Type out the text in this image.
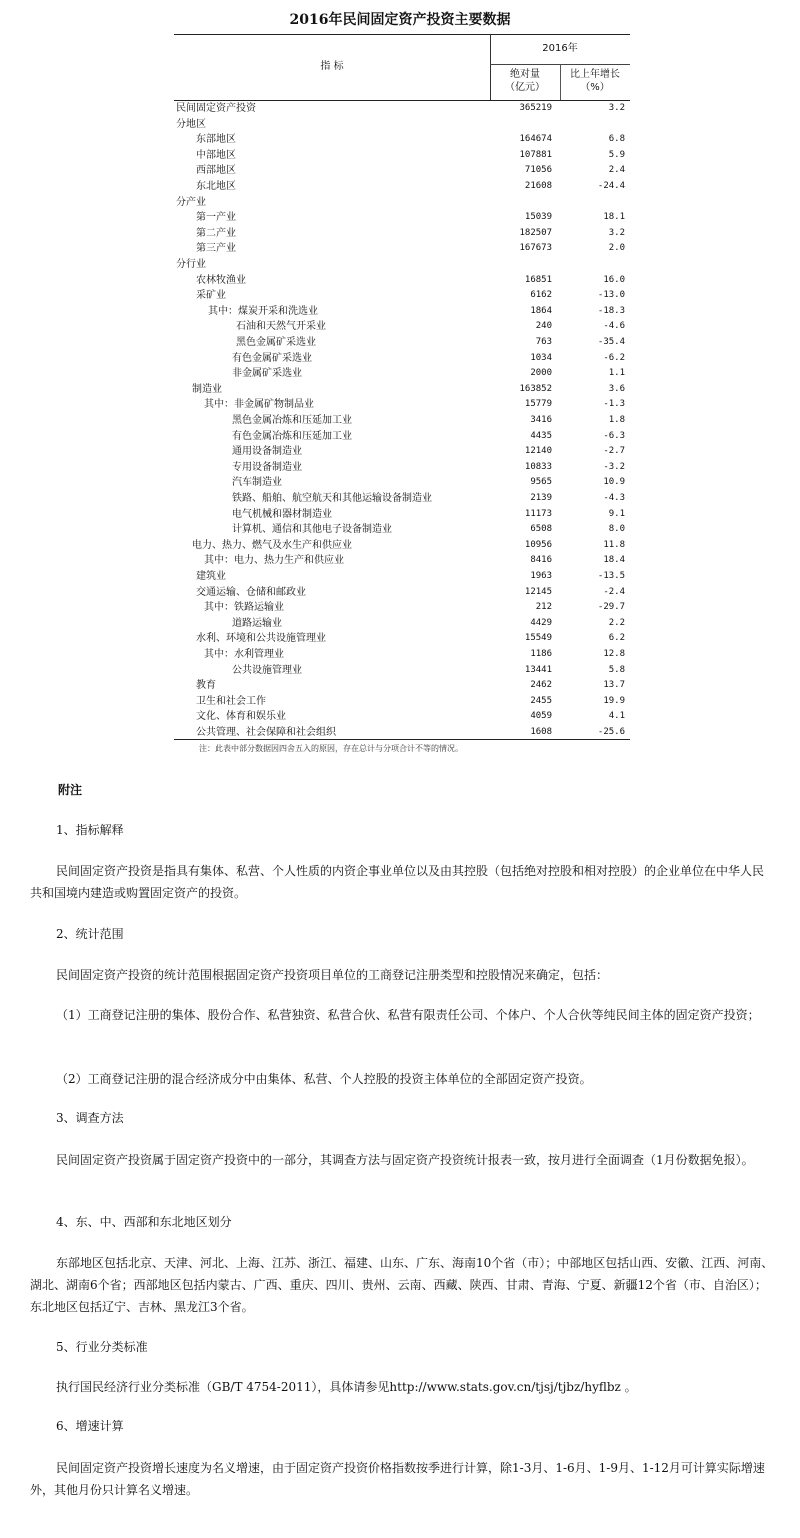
2016年民间固定资产投资主要数据
指 标
2016年
绝对量
（亿元）
比上年增长
（%）
民间固定资产投资	365219	3.2
分地区
东部地区	164674	6.8
中部地区	107881	5.9
西部地区	71056	2.4
东北地区	21608	-24.4
分产业
第一产业	15039	18.1
第二产业	182507	3.2
第三产业	167673	2.0
分行业
农林牧渔业	16851	16.0
采矿业	6162	-13.0
其中：煤炭开采和洗选业	1864	-18.3
石油和天然气开采业	240	-4.6
黑色金属矿采选业	763	-35.4
有色金属矿采选业	1034	-6.2
非金属矿采选业	2000	1.1
制造业	163852	3.6
其中：非金属矿物制品业	15779	-1.3
黑色金属冶炼和压延加工业	3416	1.8
有色金属冶炼和压延加工业	4435	-6.3
通用设备制造业	12140	-2.7
专用设备制造业	10833	-3.2
汽车制造业	9565	10.9
铁路、船舶、航空航天和其他运输设备制造业	2139	-4.3
电气机械和器材制造业	11173	9.1
计算机、通信和其他电子设备制造业	6508	8.0
电力、热力、燃气及水生产和供应业	10956	11.8
其中：电力、热力生产和供应业	8416	18.4
建筑业	1963	-13.5
交通运输、仓储和邮政业	12145	-2.4
其中：铁路运输业	212	-29.7
道路运输业	4429	2.2
水利、环境和公共设施管理业	15549	6.2
其中：水利管理业	1186	12.8
公共设施管理业	13441	5.8
教育	2462	13.7
卫生和社会工作	2455	19.9
文化、体育和娱乐业	4059	4.1
公共管理、社会保障和社会组织	1608	-25.6
注：此表中部分数据因四舍五入的原因，存在总计与分项合计不等的情况。
附注
1、指标解释
民间固定资产投资是指具有集体、私营、个人性质的内资企事业单位以及由其控股（包括绝对控股和相对控股）的企业单位在中华人民共和国境内建造或购置固定资产的投资。
2、统计范围
民间固定资产投资的统计范围根据固定资产投资项目单位的工商登记注册类型和控股情况来确定，包括：
（1）工商登记注册的集体、股份合作、私营独资、私营合伙、私营有限责任公司、个体户、个人合伙等纯民间主体的固定资产投资；
（2）工商登记注册的混合经济成分中由集体、私营、个人控股的投资主体单位的全部固定资产投资。
3、调查方法
民间固定资产投资属于固定资产投资中的一部分，其调查方法与固定资产投资统计报表一致，按月进行全面调查（1月份数据免报）。
4、东、中、西部和东北地区划分
东部地区包括北京、天津、河北、上海、江苏、浙江、福建、山东、广东、海南10个省（市）；中部地区包括山西、安徽、江西、河南、湖北、湖南6个省；西部地区包括内蒙古、广西、重庆、四川、贵州、云南、西藏、陕西、甘肃、青海、宁夏、新疆12个省（市、自治区）；东北地区包括辽宁、吉林、黑龙江3个省。
5、行业分类标准
执行国民经济行业分类标准（GB/T 4754-2011），具体请参见http://www.stats.gov.cn/tjsj/tjbz/hyflbz 。
6、增速计算
民间固定资产投资增长速度为名义增速，由于固定资产投资价格指数按季进行计算，除1-3月、1-6月、1-9月、1-12月可计算实际增速外，其他月份只计算名义增速。
